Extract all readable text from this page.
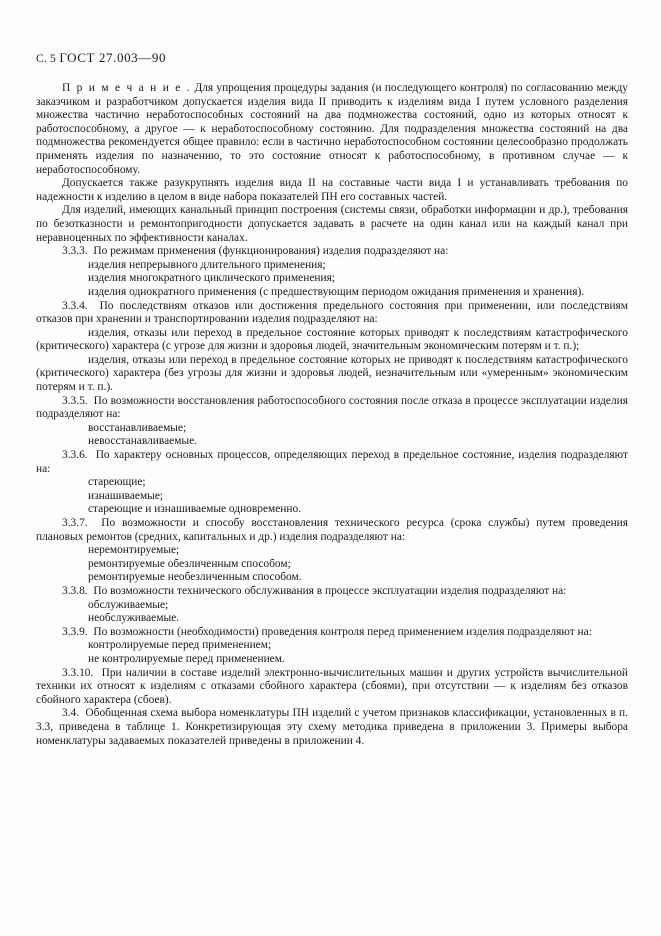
С. 5 ГОСТ 27.003—90

П р и м е ч а н и е . Для упрощения процедуры задания (и последующего контроля) по согласованию между заказчиком и разработчиком допускается изделия вида II приводить к изделиям вида I путем условного разделения множества частично неработоспособных состояний на два подмножества состояний, одно из которых относят к работоспособному, а другое — к неработоспособному состоянию. Для подразделения множества состояний на два подмножества рекомендуется общее правило: если в частично неработоспособном состоянии целесообразно продолжать применять изделия по назначению, то это состояние относят к работоспособному, в противном случае — к неработоспособному.

Допускается также разукрупнять изделия вида II на составные части вида I и устанавливать требования по надежности к изделию в целом в виде набора показателей ПН его составных частей.

Для изделий, имеющих канальный принцип построения (системы связи, обработки информации и др.), требования по безотказности и ремонтопригодности допускается задавать в расчете на один канал или на каждый канал при неравноценных по эффективности каналах.

3.3.3. По режимам применения (функционирования) изделия подразделяют на:

изделия непрерывного длительного применения;

изделия многократного циклического применения;

изделия однократного применения (с предшествующим периодом ожидания применения и хранения).

3.3.4. По последствиям отказов или достижения предельного состояния при применении, или последствиям отказов при хранении и транспортировании изделия подразделяют на:

изделия, отказы или переход в предельное состояние которых приводят к последствиям катастрофического (критического) характера (с угрозе для жизни и здоровья людей, значительным экономическим потерям и т. п.);

изделия, отказы или переход в предельное состояние которых не приводят к последствиям катастрофического (критического) характера (без угрозы для жизни и здоровья людей, незначительным или «умеренным» экономическим потерям и т. п.).

3.3.5. По возможности восстановления работоспособного состояния после отказа в процессе эксплуатации изделия подразделяют на:

восстанавливаемые;

невосстанавливаемые.

3.3.6. По характеру основных процессов, определяющих переход в предельное состояние, изделия подразделяют на:

стареющие;

изнашиваемые;

стареющие и изнашиваемые одновременно.

3.3.7. По возможности и способу восстановления технического ресурса (срока службы) путем проведения плановых ремонтов (средних, капитальных и др.) изделия подразделяют на:

неремонтируемые;

ремонтируемые обезличенным способом;

ремонтируемые необезличенным способом.

3.3.8. По возможности технического обслуживания в процессе эксплуатации изделия подразделяют на:

обслуживаемые;

необслуживаемые.

3.3.9. По возможности (необходимости) проведения контроля перед применением изделия подразделяют на:

контролируемые перед применением;

не контролируемые перед применением.

3.3.10. При наличии в составе изделий электронно-вычислительных машин и других устройств вычислительной техники их относят к изделиям с отказами сбойного характера (сбоями), при отсутствии — к изделиям без отказов сбойного характера (сбоев).

3.4. Обобщенная схема выбора номенклатуры ПН изделий с учетом признаков классификации, установленных в п. 3.3, приведена в таблице 1. Конкретизирующая эту схему методика приведена в приложении 3. Примеры выбора номенклатуры задаваемых показателей приведены в приложении 4.
